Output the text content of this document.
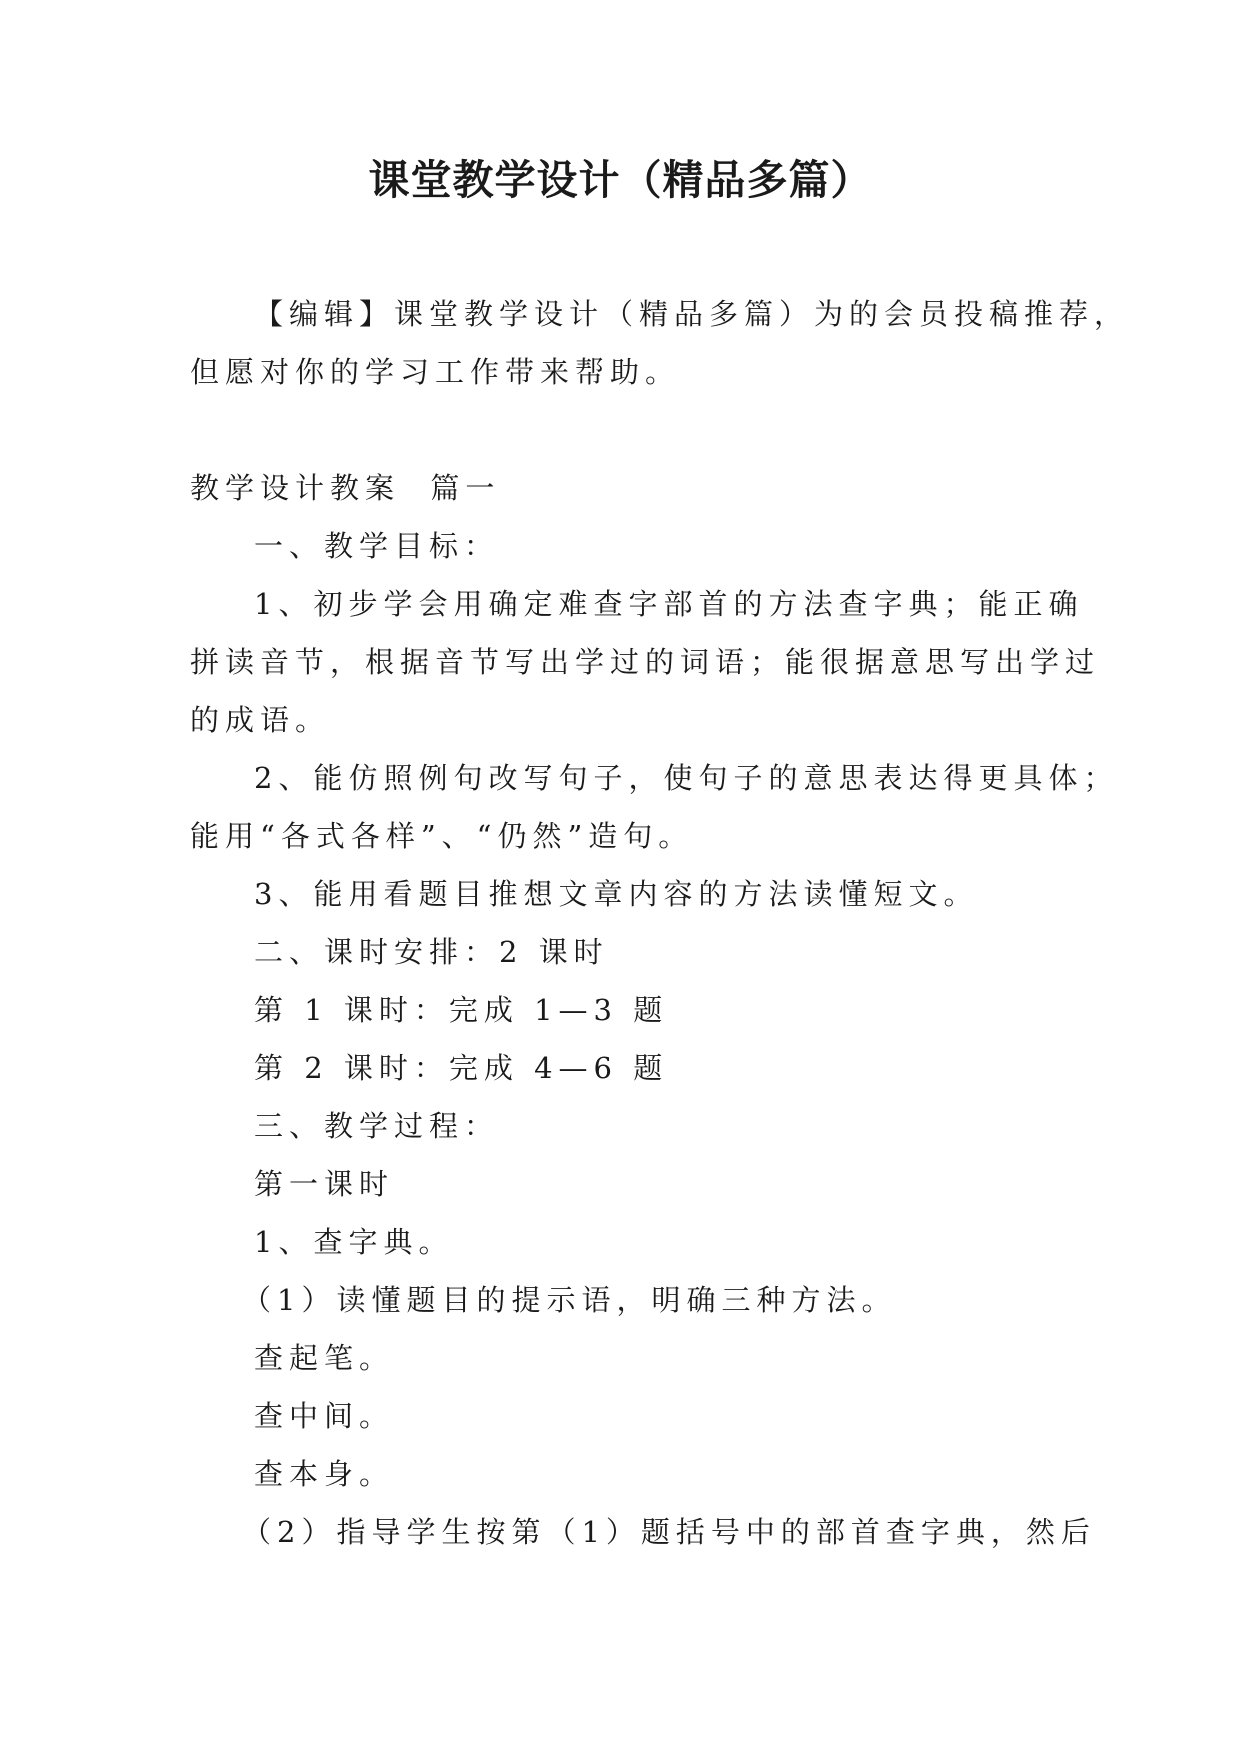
课堂教学设计（精品多篇）

【编辑】课堂教学设计（精品多篇）为的会员投稿推荐，

但愿对你的学习工作带来帮助。

教学设计教案  篇一

一、教学目标：

1、初步学会用确定难查字部首的方法查字典；能正确

拼读音节，根据音节写出学过的词语；能很据意思写出学过

的成语。

2、能仿照例句改写句子，使句子的意思表达得更具体；

能用“各式各样”、“仍然”造句。

3、能用看题目推想文章内容的方法读懂短文。

二、课时安排：2 课时

第 1 课时：完成 1—3 题

第 2 课时：完成 4—6 题

三、教学过程：

第一课时

1、查字典。

（1）读懂题目的提示语，明确三种方法。

查起笔。

查中间。

查本身。

（2）指导学生按第（1）题括号中的部首查字典，然后
